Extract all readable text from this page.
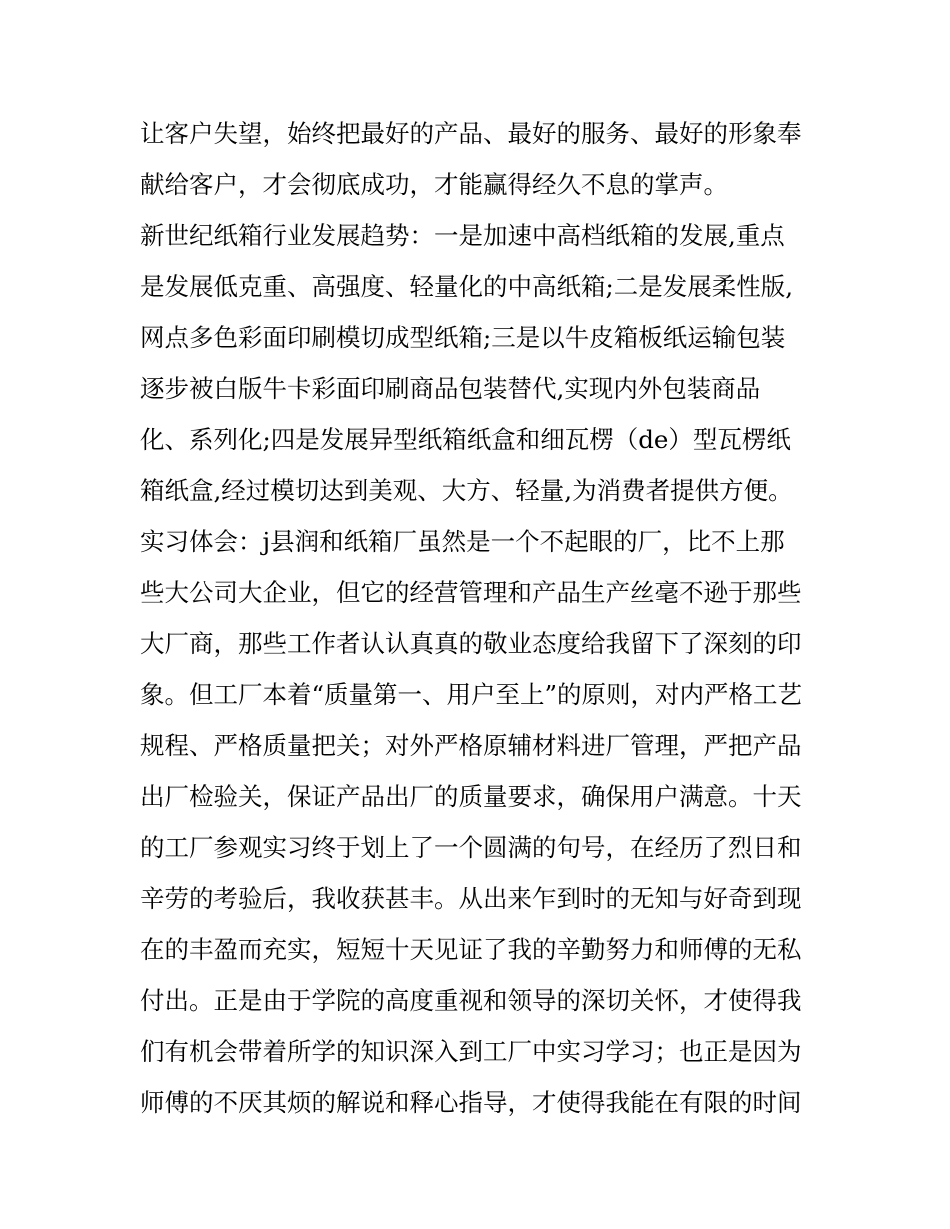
让客户失望，始终把最好的产品、最好的服务、最好的形象奉
献给客户，才会彻底成功，才能赢得经久不息的掌声。
新世纪纸箱行业发展趋势：一是加速中高档纸箱的发展,重点
是发展低克重、高强度、轻量化的中高纸箱;二是发展柔性版,
网点多色彩面印刷模切成型纸箱;三是以牛皮箱板纸运输包装
逐步被白版牛卡彩面印刷商品包装替代,实现内外包装商品
化、系列化;四是发展异型纸箱纸盒和细瓦楞（de）型瓦楞纸
箱纸盒,经过模切达到美观、大方、轻量,为消费者提供方便。
实习体会：j县润和纸箱厂虽然是一个不起眼的厂，比不上那
些大公司大企业，但它的经营管理和产品生产丝毫不逊于那些
大厂商，那些工作者认认真真的敬业态度给我留下了深刻的印
象。但工厂本着“质量第一、用户至上”的原则，对内严格工艺
规程、严格质量把关；对外严格原辅材料进厂管理，严把产品
出厂检验关，保证产品出厂的质量要求，确保用户满意。十天
的工厂参观实习终于划上了一个圆满的句号，在经历了烈日和
辛劳的考验后，我收获甚丰。从出来乍到时的无知与好奇到现
在的丰盈而充实，短短十天见证了我的辛勤努力和师傅的无私
付出。正是由于学院的高度重视和领导的深切关怀，才使得我
们有机会带着所学的知识深入到工厂中实习学习；也正是因为
师傅的不厌其烦的解说和释心指导，才使得我能在有限的时间
